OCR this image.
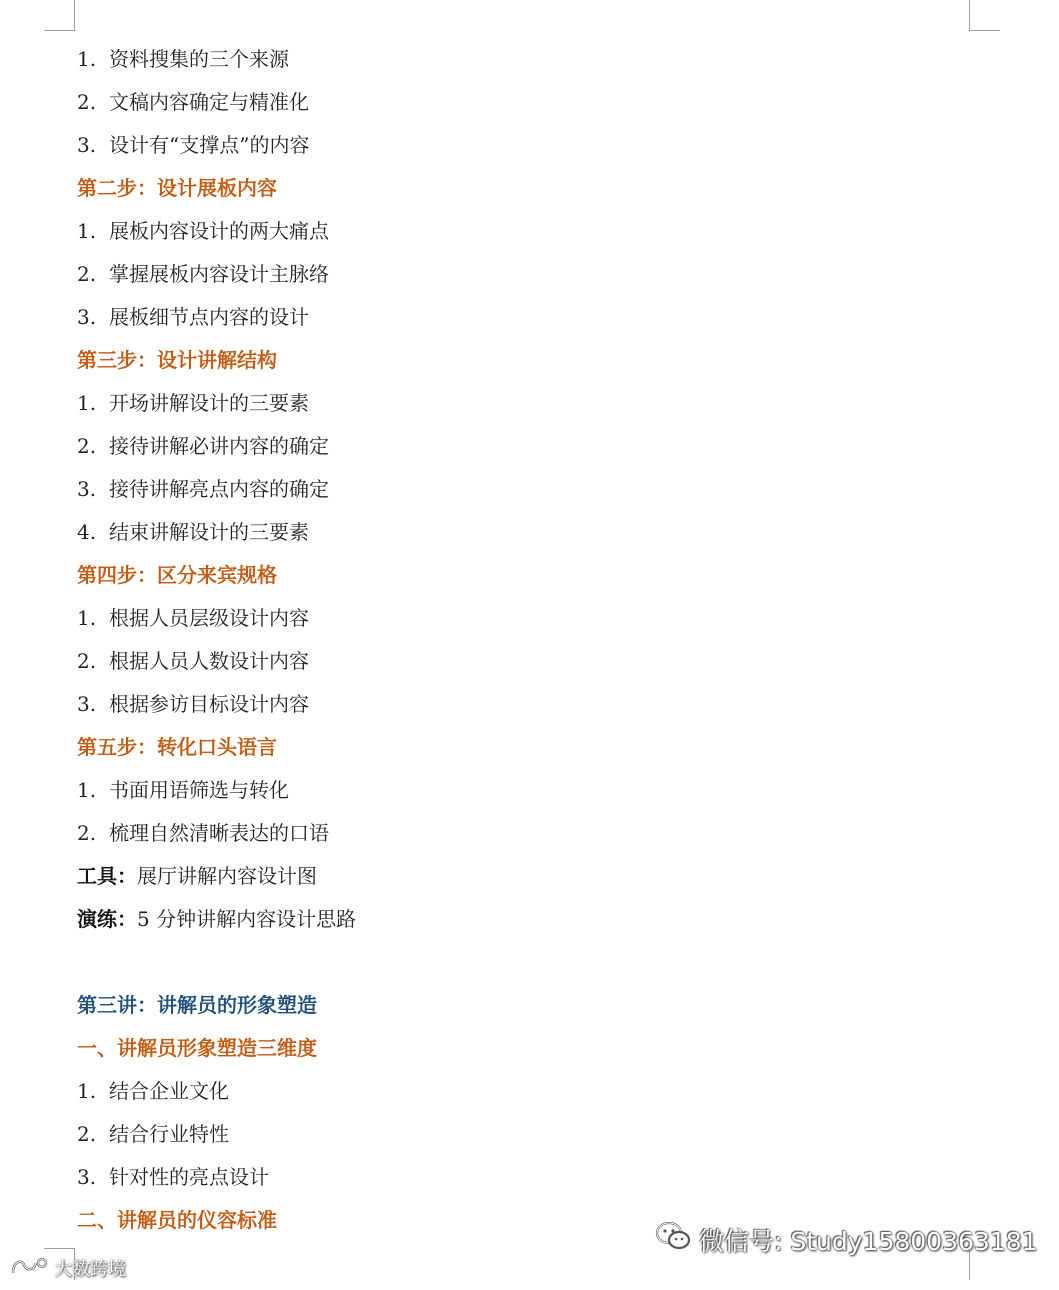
1. 资料搜集的三个来源
2. 文稿内容确定与精准化
3. 设计有“支撑点”的内容
第二步：设计展板内容
1. 展板内容设计的两大痛点
2. 掌握展板内容设计主脉络
3. 展板细节点内容的设计
第三步：设计讲解结构
1. 开场讲解设计的三要素
2. 接待讲解必讲内容的确定
3. 接待讲解亮点内容的确定
4. 结束讲解设计的三要素
第四步：区分来宾规格
1. 根据人员层级设计内容
2. 根据人员人数设计内容
3. 根据参访目标设计内容
第五步：转化口头语言
1. 书面用语筛选与转化
2. 梳理自然清晰表达的口语
工具：展厅讲解内容设计图
演练：5 分钟讲解内容设计思路
第三讲：讲解员的形象塑造
一、讲解员形象塑造三维度
1. 结合企业文化
2. 结合行业特性
3. 针对性的亮点设计
二、讲解员的仪容标准
微信号: Study15800363181
大数跨境
